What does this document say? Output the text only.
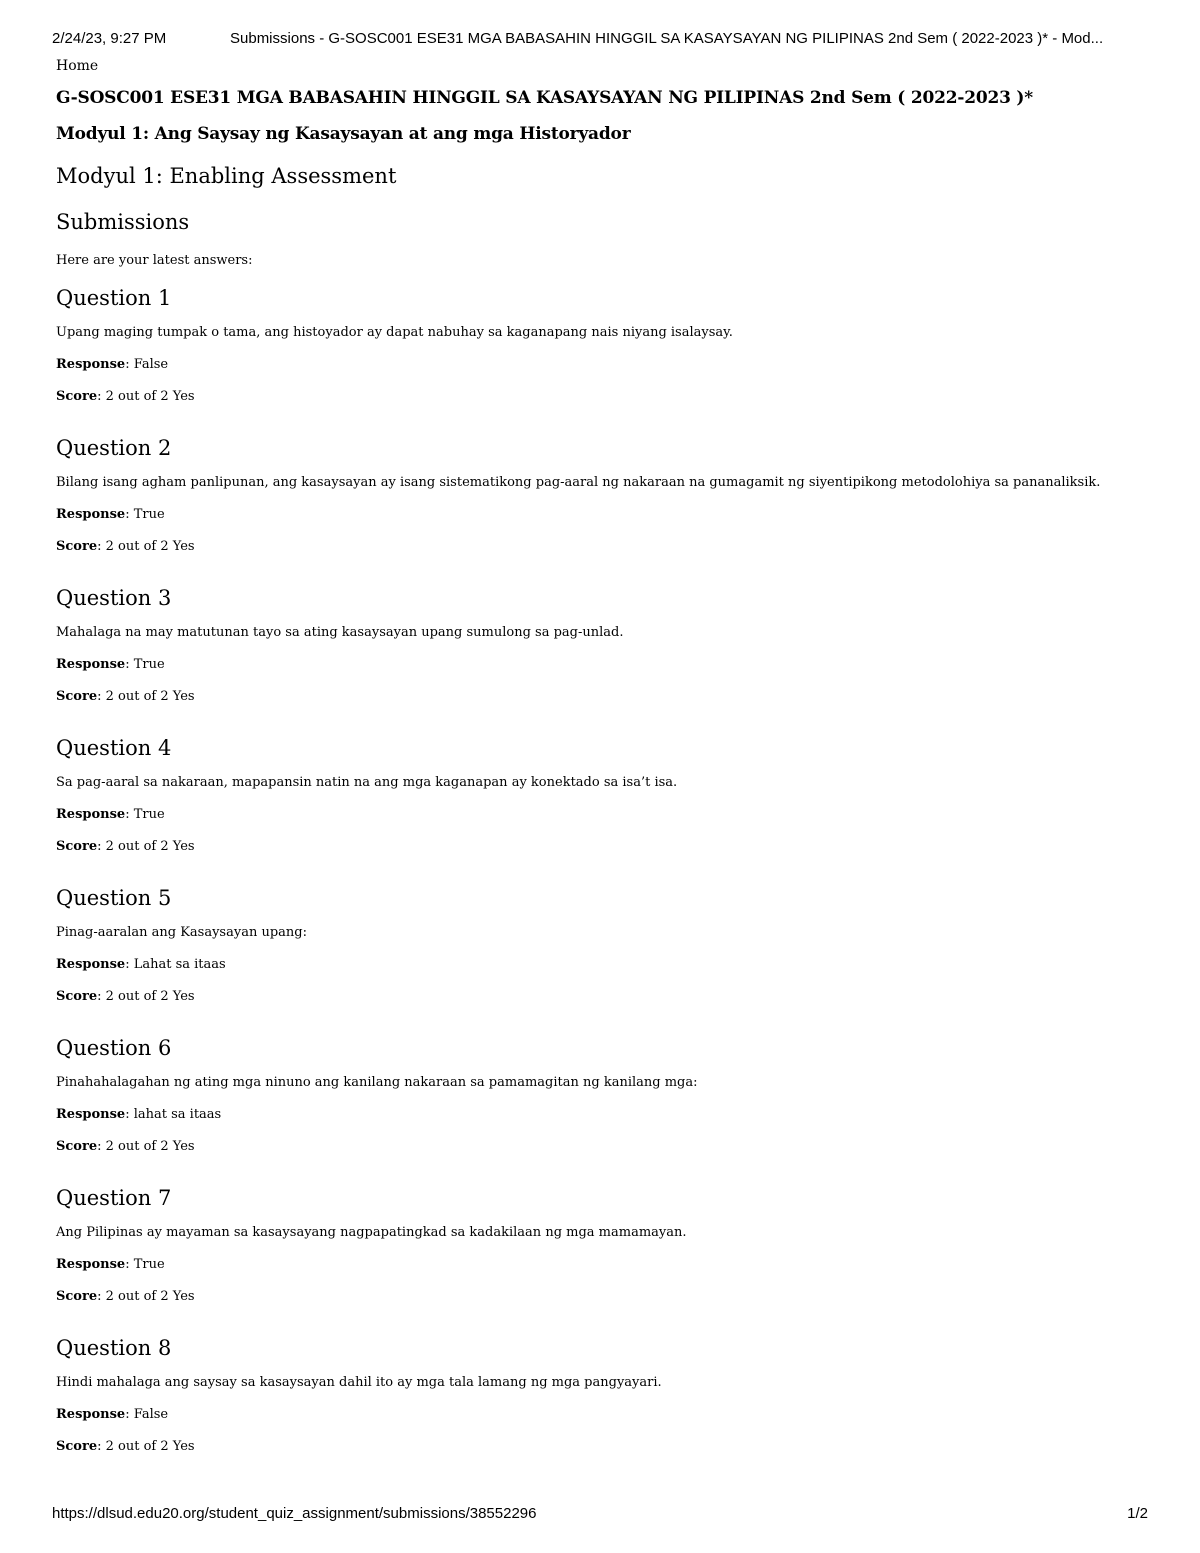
2/24/23, 9:27 PM	Submissions - G-SOSC001 ESE31 MGA BABASAHIN HINGGIL SA KASAYSAYAN NG PILIPINAS 2nd Sem ( 2022-2023 )* - Mod...
Home
G-SOSC001 ESE31 MGA BABASAHIN HINGGIL SA KASAYSAYAN NG PILIPINAS 2nd Sem ( 2022-2023 )*
Modyul 1: Ang Saysay ng Kasaysayan at ang mga Historyador
Modyul 1: Enabling Assessment
Submissions

Here are your latest answers:

Question 1

Upang maging tumpak o tama, ang histoyador ay dapat nabuhay sa kaganapang nais niyang isalaysay.

Response: False

Score: 2 out of 2 Yes

Question 2

Bilang isang agham panlipunan, ang kasaysayan ay isang sistematikong pag-aaral ng nakaraan na gumagamit ng siyentipikong metodolohiya sa pananaliksik.

Response: True

Score: 2 out of 2 Yes

Question 3

Mahalaga na may matutunan tayo sa ating kasaysayan upang sumulong sa pag-unlad.

Response: True

Score: 2 out of 2 Yes

Question 4

Sa pag-aaral sa nakaraan, mapapansin natin na ang mga kaganapan ay konektado sa isa’t isa.

Response: True

Score: 2 out of 2 Yes

Question 5

Pinag-aaralan ang Kasaysayan upang:

Response: Lahat sa itaas

Score: 2 out of 2 Yes

Question 6

Pinahahalagahan ng ating mga ninuno ang kanilang nakaraan sa pamamagitan ng kanilang mga:

Response: lahat sa itaas

Score: 2 out of 2 Yes

Question 7

Ang Pilipinas ay mayaman sa kasaysayang nagpapatingkad sa kadakilaan ng mga mamamayan.

Response: True

Score: 2 out of 2 Yes

Question 8

Hindi mahalaga ang saysay sa kasaysayan dahil ito ay mga tala lamang ng mga pangyayari.

Response: False

Score: 2 out of 2 Yes

https://dlsud.edu20.org/student_quiz_assignment/submissions/38552296	1/2
